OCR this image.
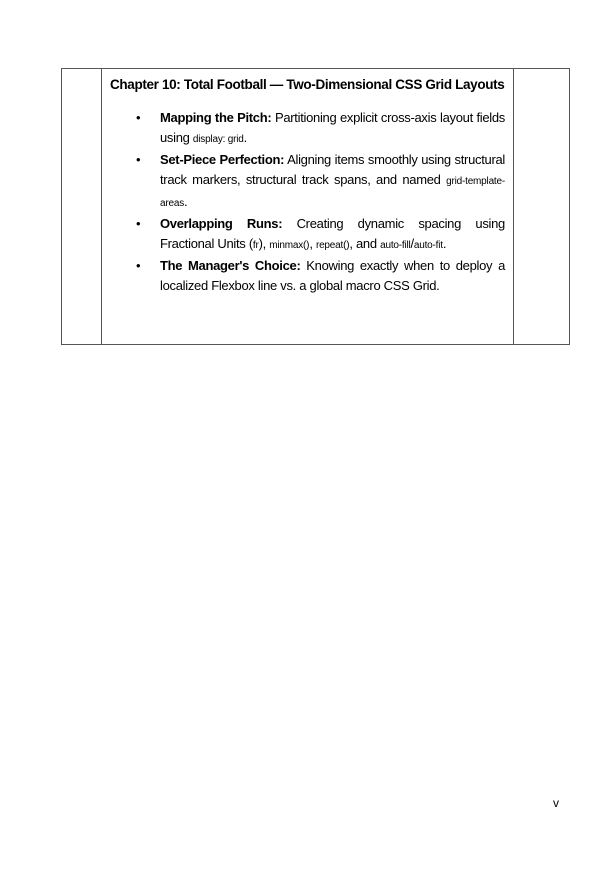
Chapter 10: Total Football — Two-Dimensional CSS Grid Layouts
• Mapping the Pitch: Partitioning explicit cross-axis layout fields using display: grid.
• Set-Piece Perfection: Aligning items smoothly using structural track markers, structural track spans, and named grid-template-areas.
• Overlapping Runs: Creating dynamic spacing using Fractional Units (fr), minmax(), repeat(), and auto-fill/auto-fit.
• The Manager's Choice: Knowing exactly when to deploy a localized Flexbox line vs. a global macro CSS Grid.

v
